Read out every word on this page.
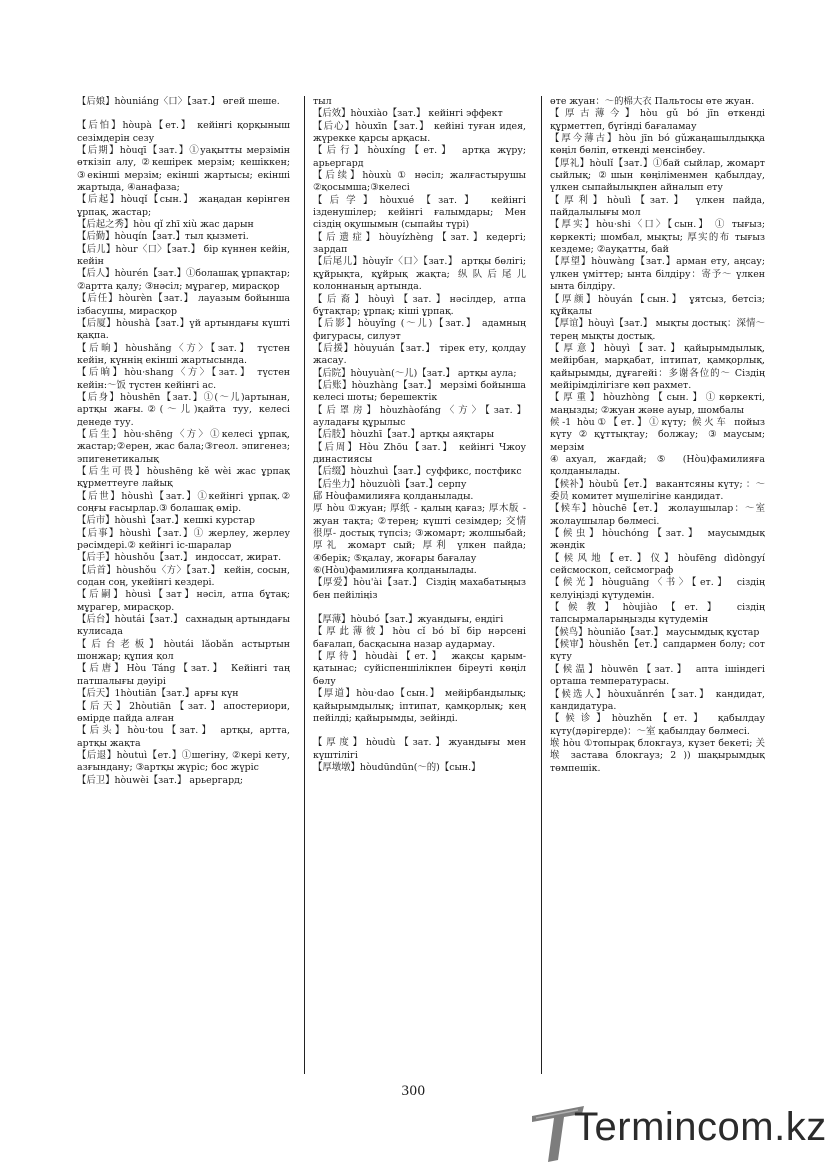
【后娘】hòuniáng〈口〉【зат.】 өгей шеше.

【后怕】hòupà【ет.】 кейінгі қорқыныш сезімдерін сезу

【后期】hòuqī【зат.】①уақытты мерзімін өткізіп алу, ②кешірек мерзім; кешіккен; ③екінші мерзім; екінші жартысы; екінші жартыда, ④анафаза;

【后起】hòuqǐ【сын.】 жаңадан көрінген ұрпақ, жастар;

【后起之秀】hòu qǐ zhī xiù жас дарын

【后勤】hòuqín【зат.】тыл қызметі.

【后儿】hòur〈口〉【зат.】 бір күннен кейін, кейін

【后人】hòurén【зат.】①болашақ ұрпақтар; ②артта қалу; ③нәсіл; мұрагер, мирасқор

【后任】hòurèn【зат.】 лауазым бойынша ізбасушы, мирасқор

【后厦】hòushà【зат.】үй артындағы күшті қақпа.

【后晌】hòushǎng〈方〉【зат.】 түстен кейін, күннің екінші жартысында.

【后晌】hòu·shang〈方〉【зат.】 түстен кейін:～饭 түстен кейінгі ас.

【后身】hòushēn【зат.】①(～儿)артынан, артқы жағы.②(～儿)қайта туу, келесі денеде туу.

【后生】hòu·shēng〈方〉①келесі ұрпақ, жастар;②ерен, жас бала;③геол. эпигенез; эпигенетикалық

【后生可畏】hòushēng kě wèi жас ұрпақ құрметтеуге лайық

【后世】hòushì【зат.】①кейінгі ұрпақ.② соңғы ғасырлар.③ болашақ өмір.

【后市】hòushì【зат.】кешкі курстар

【后事】hòushì【зат.】① жерлеу, жерлеу рәсімдері.② кейінгі іс-шаралар

【后手】hòushǒu【зат.】 индоссат, жират.

【后首】hòushǒu〈方〉【зат.】 кейін, сосын, содан соң, укейінгі кездері.

【后嗣】hòusì【зат】нәсіл, атпа бұтақ; мұрагер, мирасқор.

【后台】hòutái【зат.】 сахнадың артындағы кулисада

【后台老板】hòutái lǎobǎn астыртын шонжар; құпия қол

【后唐】Hòu Táng【зат.】 Кейінгі таң патшалығы дәуірі

【后天】1hòutiān【зат.】арғы күн

【后天】2hòutiān【зат.】апостериори, өмірде пайда алған

【后头】hòu·tou【зат.】 артқы, артта, артқы жақта

【后退】hòutuì【ет.】①шегіну, ②кері кету, азғындану; ③артқы жүріс; бос жүріс

【后卫】hòuwèi【зат.】 арьергард;

тыл

【后效】hòuxiào【зат.】 кейінгі эффект

【后心】hòuxīn【зат.】 кейіні туған идея, жүрекке қарсы арқасы.

【后行】hòuxíng【ет.】 артқа жүру; арьергард

【后续】hòuxù ① нәсіл; жалғастырушы ②қосымша;③келесі

【后学】hòuxué【зат.】 кейінгі ізденушілер; кейінгі ғалымдары; Мен сіздің оқушымын (сыпайы түрі)

【后遗症】hòuyízhèng【зат.】кедергі; зардап

【后尾儿】hòuyǐr〈口〉【зат.】 артқы бөлігі; құйрықта, құйрық жақта; 纵队后尾儿 колоннаның артында.

【后裔】hòuyì【зат.】нәсілдер, атпа бұтақтар; ұрпақ; кіші ұрпақ.

【后影】hòuyǐng (～儿)【зат.】 адамның фигурасы, силуэт

【后援】hòuyuán【зат.】 тірек ету, қолдау жасау.

【后院】hòuyuàn(～儿)【зат.】 артқы аула;

【后账】hòuzhàng【зат.】 мерзімі бойынша келесі шоты; берешектік

【后罩房】hòuzhàofáng〈方〉【зат.】 ауладағы құрылыс

【后肢】hòuzhī【зат.】артқы аяқтары

【后周】Hòu Zhōu【зат.】 кейінгі Чжоу династиясы

【后缀】hòuzhuì【зат.】суффикс, постфикс

【后坐力】hòuzuòlì【зат.】серпу

郈 Hòuфамилияға қолданылады.

厚 hòu ①жуан; 厚纸 - қалың қағаз; 厚木版 - жуан тақта; ②терең; күшті сезімдер; 交情很厚- достық түпсіз; ③жомарт; жолшыбай; 厚礼 жомарт сый; 厚利 үлкен пайда; ④берік; ⑤қалау, жоғары бағалау

⑥(Hòu)фамилияға қолданылады.

【厚爱】hòu'ài【зат.】 Сіздің махабатыңыз бен пейіліңіз

【厚薄】hòubó【зат.】жуандығы, еңдігі

【厚此薄彼】hòu cǐ bó bǐ бір нәрсені бағалап, басқасына назар аудармау.

【厚待】hòudài【ет.】 жақсы қарым-қатынас; суйіспеншілікпен біреуті көңіл бөлу

【厚道】hòu·dao【сын.】 мейірбандылық; қайырымдылық; іптипат, қамқорлық; кең пейілді; қайырымды, зейінді.

【厚度】hòudù【зат.】жуандығы мен күштілігі

【厚墩墩】hòudūndūn(～的)【сын.】

өте жуан：～的棉大衣 Пальтосы өте жуан.

【厚古薄今】hòu gǔ bó jīn өткенді құрметтеп, бүгінді бағаламау

【厚今薄古】hòu jīn bó gǔжаңашылдыққа көңіл бөліп, өткенді менсінбеу.

【厚礼】hòulǐ【зат.】①бай сыйлар, жомарт сыйлық; ②шын көңіліменмен қабылдау, үлкен сыпайылықпен айналып ету

【厚利】hòulì【зат.】 үлкен пайда, пайдалылығы мол

【厚实】hòu·shi〈口〉【сын.】 ① тығыз; көркекті; шомбал, мықты; 厚实的布 тығыз кездеме; ②ауқатты, бай

【厚望】hòuwàng【зат.】арман ету, аңсау; үлкен үміттер; ынта білдіру：寄予～ үлкен ынта білдіру.

【厚颜】hòuyán【сын.】 ұятсыз, бетсіз; құйқалы

【厚谊】hòuyì【зат.】 мықты достық：深情～ терең мықты достық.

【厚意】hòuyì【зат.】қайырымдылық, мейірбан, марқабат, іптипат, қамқорлық, қайырымды, дұғагейі：多谢各位的～ Сіздің мейірімділігізге көп рахмет.

【厚重】hòuzhòng【сын.】①көркекті, маңызды; ②жуан және ауыр, шомбалы

候-1 hòu①【ет.】①күту; 候火车 пойыз күту②құттықтау; болжау; ③маусым; мерзім

④ахуал, жағдай; ⑤ (Hòu)фамилияға қолданылады.

【候补】hòubǔ【ет.】 вакантсяны күту; ：～委员 комитет мүшелігіне кандидат.

【候车】hòuchē【ет.】 жолаушылар：～室 жолаушылар бөлмесі.

【候虫】hòuchóng【зат.】 маусымдық жәндік

【候风地【ет.】仪】hòufēng dìdòngyí сейсмоскоп, сейсмограф

【候光】hòuguāng〈书〉【ет.】 сіздің келуіңізді күтудемін.

【候教】hòujiào【ет.】 сіздің тапсырмаларыңызды күтудемін

【候鸟】hòuniǎo【зат.】 маусымдық құстар

【候审】hòushěn【ет.】сапдармен болу; сот күту

【候温】hòuwēn【зат.】 апта ішіндегі орташа температурасы.

【候选人】hòuxuǎnrén【зат.】 кандидат, кандидатура.

【候诊】hòuzhěn【ет.】 қабылдау күту(дәрігерде)：～室 қабылдау бөлмесі.

堠 hòu ①топырақ блокгауз, күзет бекеті; 关堠 застава блокгауз; 2 )) шақырымдық төмпешік.

300
Termincom.kz
